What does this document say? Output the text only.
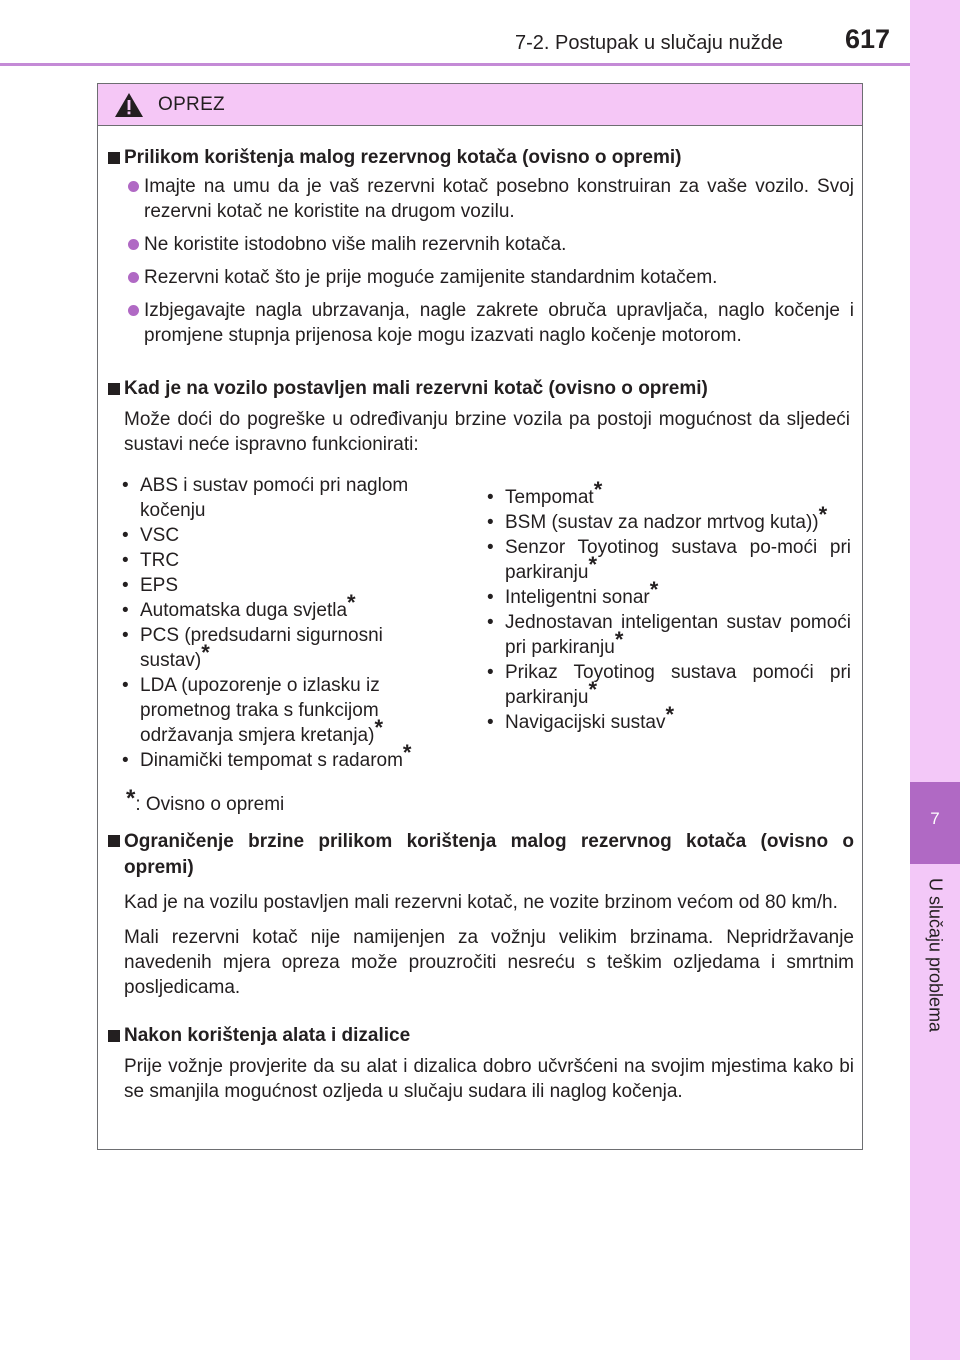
7-2. Postupak u slučaju nužde 617
7
U slučaju problema
OPREZ
Prilikom korištenja malog rezervnog kotača (ovisno o opremi)
Imajte na umu da je vaš rezervni kotač posebno konstruiran za vaše vozilo. Svoj rezervni kotač ne koristite na drugom vozilu.
Ne koristite istodobno više malih rezervnih kotača.
Rezervni kotač što je prije moguće zamijenite standardnim kotačem.
Izbjegavajte nagla ubrzavanja, nagle zakrete obruča upravljača, naglo kočenje i promjene stupnja prijenosa koje mogu izazvati naglo kočenje motorom.
Kad je na vozilo postavljen mali rezervni kotač (ovisno o opremi)
Može doći do pogreške u određivanju brzine vozila pa postoji mogućnost da sljedeći sustavi neće ispravno funkcionirati:
• ABS i sustav pomoći pri naglom kočenju
• VSC
• TRC
• EPS
• Automatska duga svjetla*
• PCS (predsudarni sigurnosni sustav)*
• LDA (upozorenje o izlasku iz prometnog traka s funkcijom održavanja smjera kretanja)*
• Dinamički tempomat s radarom*
• Tempomat*
• BSM (sustav za nadzor mrtvog kuta))*
• Senzor Toyotinog sustava po-moći pri parkiranju*
• Inteligentni sonar*
• Jednostavan inteligentan sustav pomoći pri parkiranju*
• Prikaz Toyotinog sustava pomoći pri parkiranju*
• Navigacijski sustav*
*: Ovisno o opremi
Ograničenje brzine prilikom korištenja malog rezervnog kotača (ovisno o opremi)
Kad je na vozilu postavljen mali rezervni kotač, ne vozite brzinom većom od 80 km/h.
Mali rezervni kotač nije namijenjen za vožnju velikim brzinama. Nepridržavanje navedenih mjera opreza može prouzročiti nesreću s teškim ozljedama i smrtnim posljedicama.
Nakon korištenja alata i dizalice
Prije vožnje provjerite da su alat i dizalica dobro učvršćeni na svojim mjestima kako bi se smanjila mogućnost ozljeda u slučaju sudara ili naglog kočenja.
